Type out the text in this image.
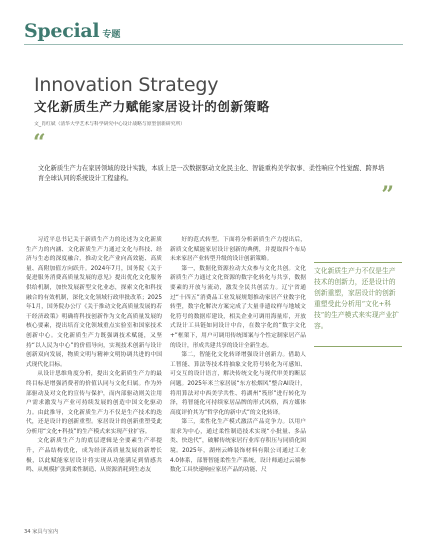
Special 专题
Innovation Strategy
文化新质生产力赋能家居设计的创新策略
文_肖红斌（清华大学艺术与科学研究中心设计战略与原型创新研究所）
“
文化新质生产力在家居领域的设计实践，本质上是一次数据驱动文化民主化、智能重构美学叙事、柔性响应个性觉醒、跨界培育全球认同的系统设计工程建构。
”

习近平总书记关于新质生产力的论述为文化新质生产力的内涵、文化新质生产力通过文化与科技、经济与生态的深度融合，推动文化产业向高效能、高质量、高附加值方向跃升。2024年7月，国务院《关于促进服务消费高质量发展的意见》提出优化文化服务供给机制，加快发展新型文化业态，探索文化和科技融合的有效机制，深化文化领域行政审批改革；2025年1月，国务院办公厅《关于推动文化高质量发展的若干经济政策》明确将科技创新作为文化高质量发展的核心要素，提出培育文化领域重点实验室和国家技术创新中心。文化新质生产力既强调技术赋能，又坚持“以人民为中心”的价值导向，实现技术创新与设计创新双向发展，物质文明与精神文明协调共进的中国式现代化目标。

从设计思维角度分析，提出文化新质生产力的最终目标是增强消费者的价值认同与文化归属。作为外部驱动及对文化的宣传与保护，而内部驱动则关注用户需求激发与产业可持续发展的创造中国文化驱动力。由此推导，文化新质生产力不仅是生产技术的迭代，还是设计的创新重塑。家居设计的创新重塑受此分析用“文化+科技”的生产模式来实现产业扩容。

文化新质生产力的底层逻辑是全要素生产率提升，产品结构优化，成为经济高质量发展的新增长极，以此赋能家居设计将实现从功能满足到情感共鸣、从规模扩张到柔性制造、从资源消耗到生态友

好的范式转型。下面将分析新质生产力提出后，新质文化赋能家居设计创新的典例，并提取四个布局未来家居产业转型升级的设计创新策略。

第一，数据化资源拉动大众参与文化共创。文化新质生产力通过文化资源的数字化转化与共享，数据要素的开放与流动，激发全民共创活力。辽宁省通过“十四五”消费品工业发展规划推动家居产业数字化转型，数字化解决方案完成了大量非遗纹样与地域文化符号的数据库建设，相关企业可调用海量库，开放式设计工具链如同设计中台，在数字化的“数字文化+”框架下，用户可调用传统图案与个性定制家居产品的设计，形成共建共享的设计全新生态。

第二，智能化文化转译增强设计创新力。借助人工智能、算法等技术将抽象文化符号转化为可感知、可交互的设计语言，解决传统文化与现代审美的断层问题。2025年米兰家居展“东方松烟风”整合AI设计，将用算法对中西美学共性、将湖州“筏形”进行转化为泽，将智能化可持续家居品牌的形式风格，西方媒体高度评价其为“哲学化的新中式”的文化转译。

第三，柔性化生产模式激活产品竞争力。以用户需求为中心，通过柔性制造技术实现“小批量、多品类、快迭代”，破解传统家居行业库存积压与同质化困境。2025年，湖州云峰装饰材料有限公司通过工业4.0体系，部署智能柔性生产系统，设计师通过云端参数化工具快速响应家居产品的功能、尺

文化新质生产力不仅是生产技术的创新力，还是设计的创新重塑，家居设计的创新重塑受此分析用“文化+科技”的生产模式来实现产业扩容。
34 家具与室内
